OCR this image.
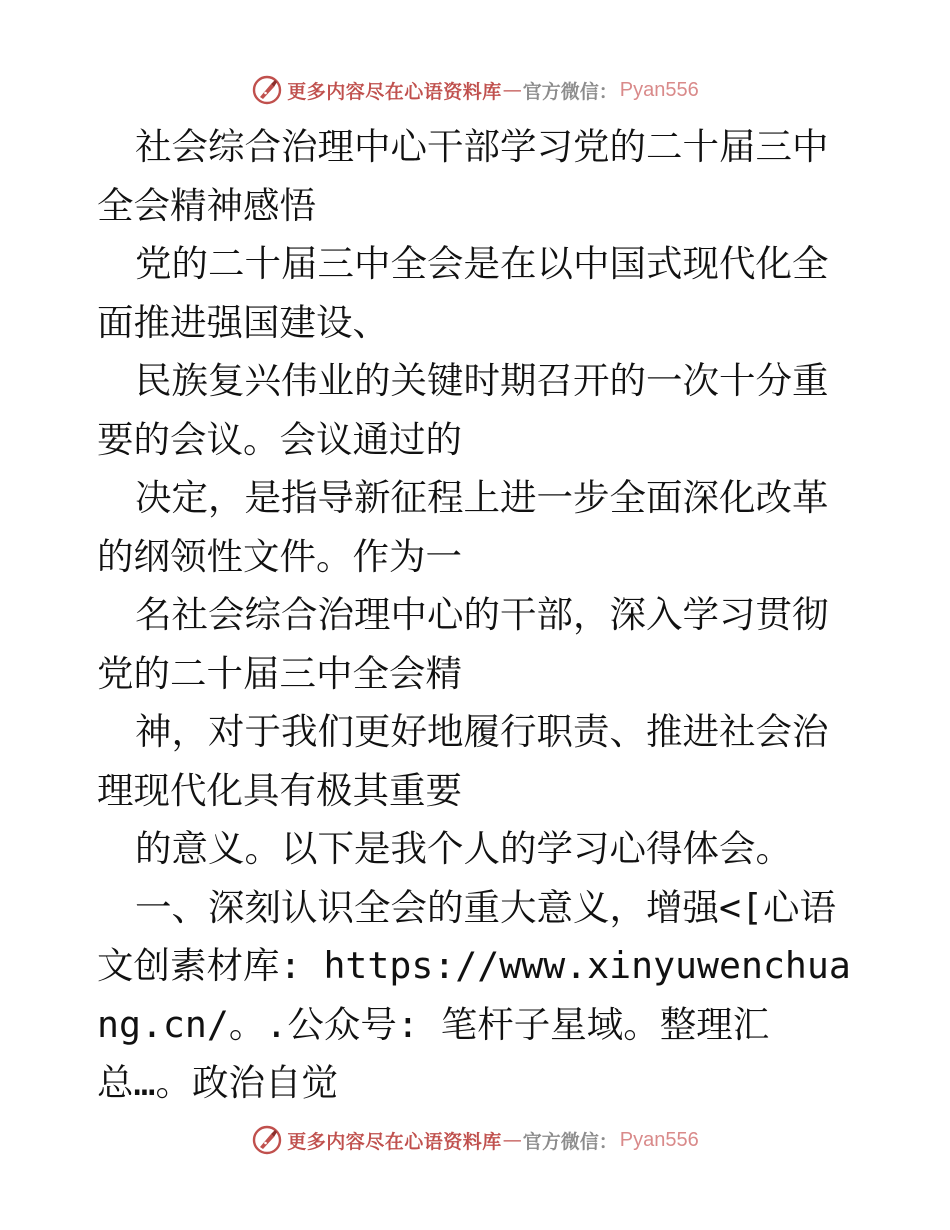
更多内容尽在心语资料库 — 官方微信： Pyan556

社会综合治理中心干部学习党的二十届三中全会精神感悟

党的二十届三中全会是在以中国式现代化全面推进强国建设、

民族复兴伟业的关键时期召开的一次十分重要的会议。会议通过的

决定，是指导新征程上进一步全面深化改革的纲领性文件。作为一

名社会综合治理中心的干部，深入学习贯彻党的二十届三中全会精

神，对于我们更好地履行职责、推进社会治理现代化具有极其重要

的意义。以下是我个人的学习心得体会。

一、深刻认识全会的重大意义，增强<[心语文创素材库: https://www.xinyuwenchuang.cn/。.公众号: 笔杆子星域。整理汇总…。政治自觉

更多内容尽在心语资料库 — 官方微信： Pyan556
